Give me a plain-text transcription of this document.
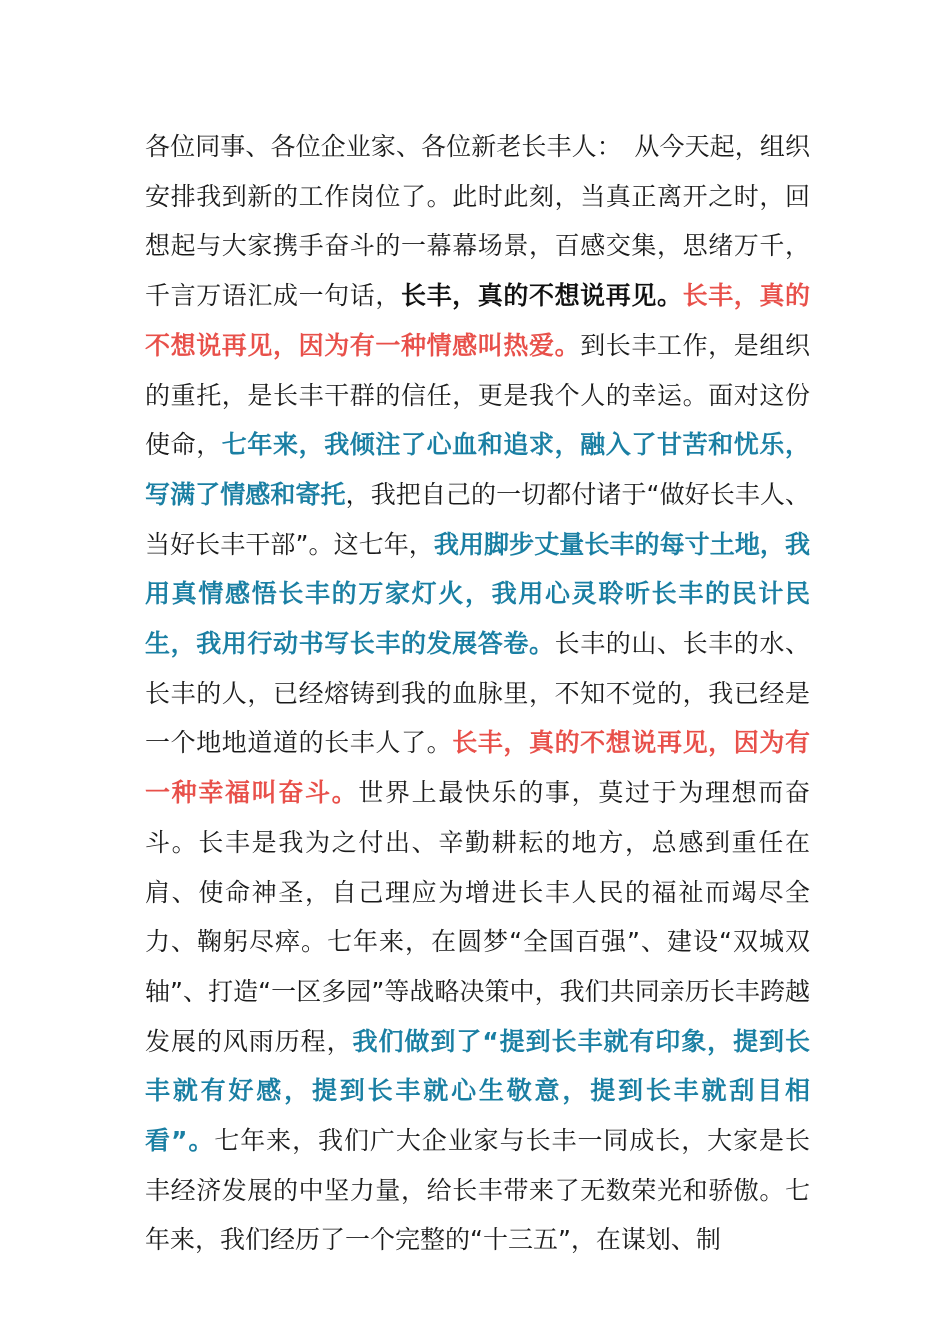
各位同事、各位企业家、各位新老长丰人：　从今天起，组织安排我到新的工作岗位了。此时此刻，当真正离开之时，回想起与大家携手奋斗的一幕幕场景，百感交集，思绪万千，千言万语汇成一句话，长丰，真的不想说再见。长丰，真的不想说再见，因为有一种情感叫热爱。到长丰工作，是组织的重托，是长丰干群的信任，更是我个人的幸运。面对这份使命，七年来，我倾注了心血和追求，融入了甘苦和忧乐，写满了情感和寄托，我把自己的一切都付诸于“做好长丰人、当好长丰干部”。这七年，我用脚步丈量长丰的每寸土地，我用真情感悟长丰的万家灯火，我用心灵聆听长丰的民计民生，我用行动书写长丰的发展答卷。长丰的山、长丰的水、长丰的人，已经熔铸到我的血脉里，不知不觉的，我已经是一个地地道道的长丰人了。长丰，真的不想说再见，因为有一种幸福叫奋斗。世界上最快乐的事，莫过于为理想而奋斗。长丰是我为之付出、辛勤耕耘的地方，总感到重任在肩、使命神圣，自己理应为增进长丰人民的福祉而竭尽全力、鞠躬尽瘁。七年来，在圆梦“全国百强”、建设“双城双轴”、打造“一区多园”等战略决策中，我们共同亲历长丰跨越发展的风雨历程，我们做到了“提到长丰就有印象，提到长丰就有好感，提到长丰就心生敬意，提到长丰就刮目相看”。七年来，我们广大企业家与长丰一同成长，大家是长丰经济发展的中坚力量，给长丰带来了无数荣光和骄傲。七年来，我们经历了一个完整的“十三五”，在谋划、制
